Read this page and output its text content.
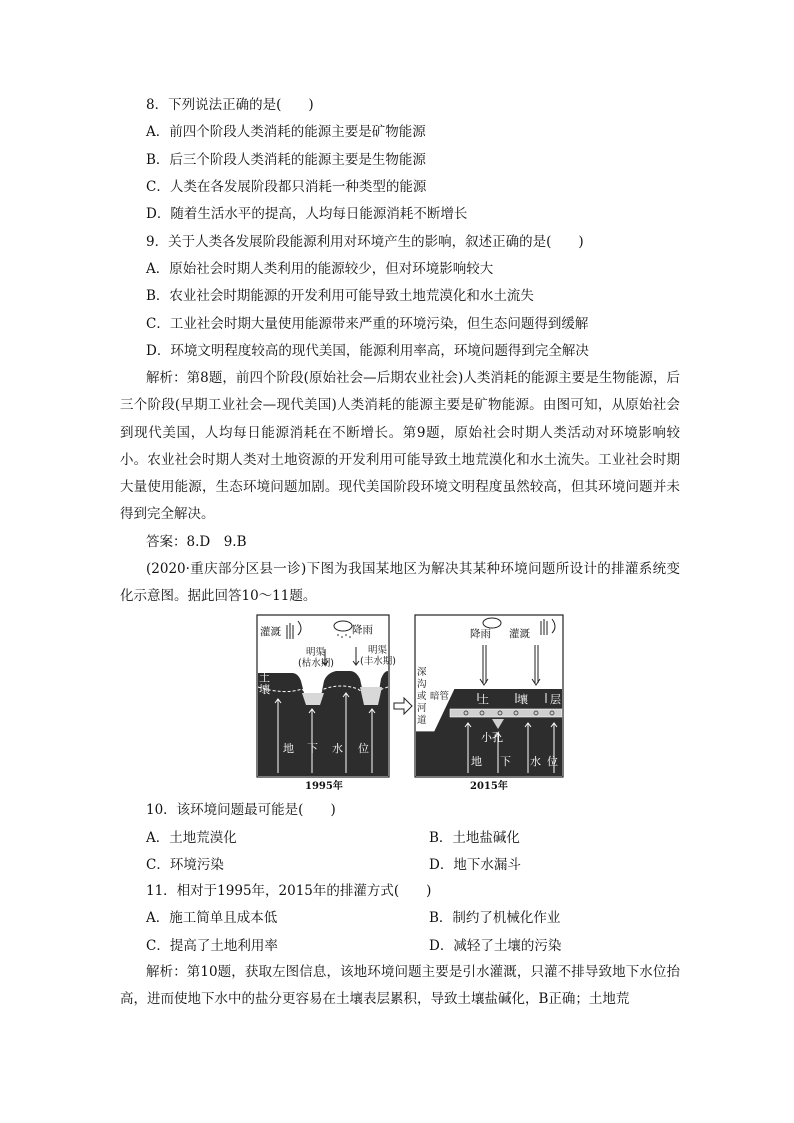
8．下列说法正确的是(　　)
A．前四个阶段人类消耗的能源主要是矿物能源
B．后三个阶段人类消耗的能源主要是生物能源
C．人类在各发展阶段都只消耗一种类型的能源
D．随着生活水平的提高，人均每日能源消耗不断增长
9．关于人类各发展阶段能源利用对环境产生的影响，叙述正确的是(　　)
A．原始社会时期人类利用的能源较少，但对环境影响较大
B．农业社会时期能源的开发利用可能导致土地荒漠化和水土流失
C．工业社会时期大量使用能源带来严重的环境污染，但生态问题得到缓解
D．环境文明程度较高的现代美国，能源利用率高，环境问题得到完全解决
解析：第8题，前四个阶段(原始社会—后期农业社会)人类消耗的能源主要是生物能源，后三个阶段(早期工业社会—现代美国)人类消耗的能源主要是矿物能源。由图可知，从原始社会到现代美国，人均每日能源消耗在不断增长。第9题，原始社会时期人类活动对环境影响较小。农业社会时期人类对土地资源的开发利用可能导致土地荒漠化和水土流失。工业社会时期大量使用能源，生态环境问题加剧。现代美国阶段环境文明程度虽然较高，但其环境问题并未得到完全解决。
答案：8.D　9.B
(2020·重庆部分区县一诊)下图为我国某地区为解决其某种环境问题所设计的排灌系统变化示意图。据此回答10～11题。
灌溉	降雨
明渠
(枯水期)
明渠
(丰水期)
土
壤
地 下 水 位
1995年
降雨 灌溉
深
沟
或
河
道
暗管	土	壤 层
小孔
地 下 水 位
2015年
10．该环境问题最可能是(　　)
A．土地荒漠化	B．土地盐碱化
C．环境污染	D．地下水漏斗
11．相对于1995年，2015年的排灌方式(　　)
A．施工简单且成本低	B．制约了机械化作业
C．提高了土地利用率	D．减轻了土壤的污染
解析：第10题，获取左图信息，该地环境问题主要是引水灌溉，只灌不排导致地下水位抬高，进而使地下水中的盐分更容易在土壤表层累积，导致土壤盐碱化，B正确；土地荒
